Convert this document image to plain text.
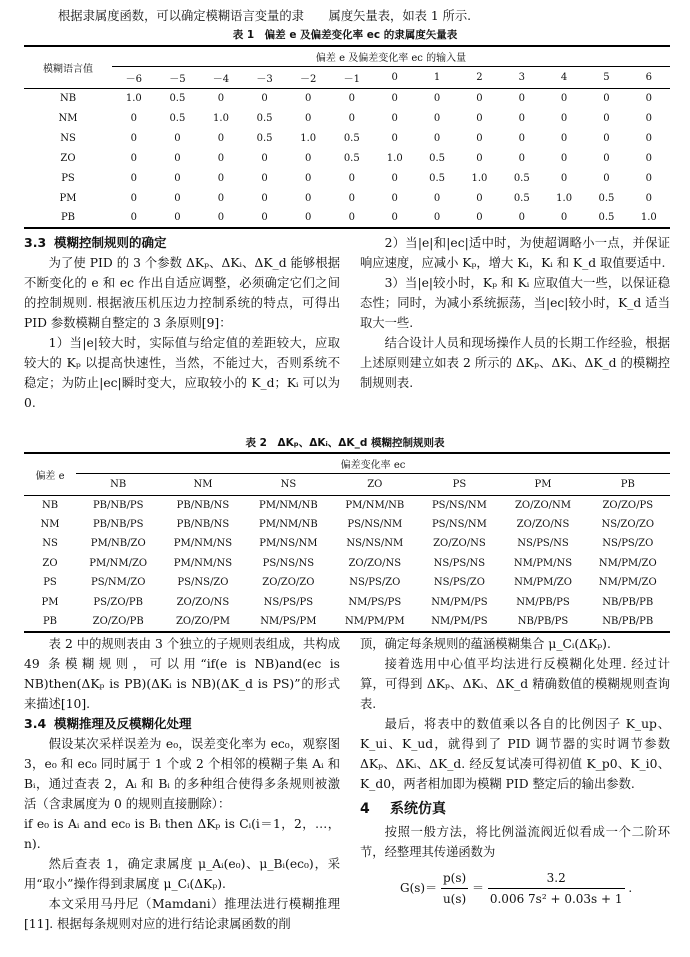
根据隶属度函数，可以确定模糊语言变量的隶　　属度矢量表，如表 1 所示.
表 1　偏差 e 及偏差变化率 ec 的隶属度矢量表
模糊语言值	偏差 e 及偏差变化率 ec 的输入量												
	－6	－5	－4	－3	－2	－1	0	1	2	3	4	5	6
NB	1.0	0.5	0	0	0	0	0	0	0	0	0	0	0
NM	0	0.5	1.0	0.5	0	0	0	0	0	0	0	0	0
NS	0	0	0	0.5	1.0	0.5	0	0	0	0	0	0	0
ZO	0	0	0	0	0	0.5	1.0	0.5	0	0	0	0	0
PS	0	0	0	0	0	0	0	0.5	1.0	0.5	0	0	0
PM	0	0	0	0	0	0	0	0	0	0.5	1.0	0.5	0
PB	0	0	0	0	0	0	0	0	0	0	0	0.5	1.0

3.3 模糊控制规则的确定

为了使 PID 的 3 个参数 ΔKₚ、ΔKᵢ、ΔK_d 能够根据不断变化的 e 和 ec 作出自适应调整，必须确定它们之间的控制规则. 根据液压机压边力控制系统的特点，可得出 PID 参数模糊自整定的 3 条原则[9]：

1）当|e|较大时，实际值与给定值的差距较大，应取较大的 Kₚ 以提高快速性，当然，不能过大，否则系统不稳定；为防止|ec|瞬时变大，应取较小的 K_d；Kᵢ 可以为 0.

2）当|e|和|ec|适中时，为使超调略小一点，并保证响应速度，应减小 Kₚ，增大 Kᵢ，Kᵢ 和 K_d 取值要适中.

3）当|e|较小时，Kₚ 和 Kᵢ 应取值大一些，以保证稳态性；同时，为减小系统振荡，当|ec|较小时，K_d 适当取大一些.

结合设计人员和现场操作人员的长期工作经验，根据上述原则建立如表 2 所示的 ΔKₚ、ΔKᵢ、ΔK_d 的模糊控制规则表.

表 2　ΔKₚ、ΔKᵢ、ΔK_d 模糊控制规则表
偏差 e	偏差变化率 ec						
	NB	NM	NS	ZO	PS	PM	PB
NB	PB/NB/PS	PB/NB/NS	PM/NM/NB	PM/NM/NB	PS/NS/NM	ZO/ZO/NM	ZO/ZO/PS
NM	PB/NB/PS	PB/NB/NS	PM/NM/NB	PS/NS/NM	PS/NS/NM	ZO/ZO/NS	NS/ZO/ZO
NS	PM/NB/ZO	PM/NM/NS	PM/NS/NM	NS/NS/NM	ZO/ZO/NS	NS/PS/NS	NS/PS/ZO
ZO	PM/NM/ZO	PM/NM/NS	PS/NS/NS	ZO/ZO/NS	NS/PS/NS	NM/PM/NS	NM/PM/ZO
PS	PS/NM/ZO	PS/NS/ZO	ZO/ZO/ZO	NS/PS/ZO	NS/PS/ZO	NM/PM/ZO	NM/PM/ZO
PM	PS/ZO/PB	ZO/ZO/NS	NS/PS/PS	NM/PS/PS	NM/PM/PS	NM/PB/PS	NB/PB/PB
PB	ZO/ZO/PB	ZO/ZO/PM	NM/PS/PM	NM/PM/PM	NM/PM/PS	NB/PB/PS	NB/PB/PB

表 2 中的规则表由 3 个独立的子规则表组成，共构成 49 条模糊规则，可以用“if(e is NB)and(ec is NB)then(ΔKₚ is PB)(ΔKᵢ is NB)(ΔK_d is PS)”的形式来描述[10].

3.4 模糊推理及反模糊化处理

假设某次采样误差为 e₀，误差变化率为 ec₀，观察图 3，e₀ 和 ec₀ 同时属于 1 个或 2 个相邻的模糊子集 Aᵢ 和 Bᵢ，通过查表 2，Aᵢ 和 Bᵢ 的多种组合使得多条规则被激活（含隶属度为 0 的规则直接删除）：

if e₀ is Aᵢ and ec₀ is Bᵢ then ΔKₚ is Cᵢ(i＝1，2，…，n).

然后查表 1，确定隶属度 μ_Aᵢ(e₀)、μ_Bᵢ(ec₀)，采用“取小”操作得到隶属度 μ_Cᵢ(ΔKₚ).

本文采用马丹尼（Mamdani）推理法进行模糊推理[11]. 根据每条规则对应的进行结论隶属函数的削

顶，确定每条规则的蕴涵模糊集合 μ_Cᵢ(ΔKₚ).

接着选用中心值平均法进行反模糊化处理. 经过计算，可得到 ΔKₚ、ΔKᵢ、ΔK_d 精确数值的模糊规则查询表.

最后，将表中的数值乘以各自的比例因子 K_up、K_ui、K_ud，就得到了 PID 调节器的实时调节参数 ΔKₚ、ΔKᵢ、ΔK_d. 经反复试凑可得初值 K_p0、K_i0、K_d0，两者相加即为模糊 PID 整定后的输出参数.

4 系统仿真

按照一般方法，将比例溢流阀近似看成一个二阶环节，经整理其传递函数为

$G(s)= \frac{p(s)}{u(s)} = \frac{3.2}{\text{0.006 7s² + 0.03s + 1}}$ .
